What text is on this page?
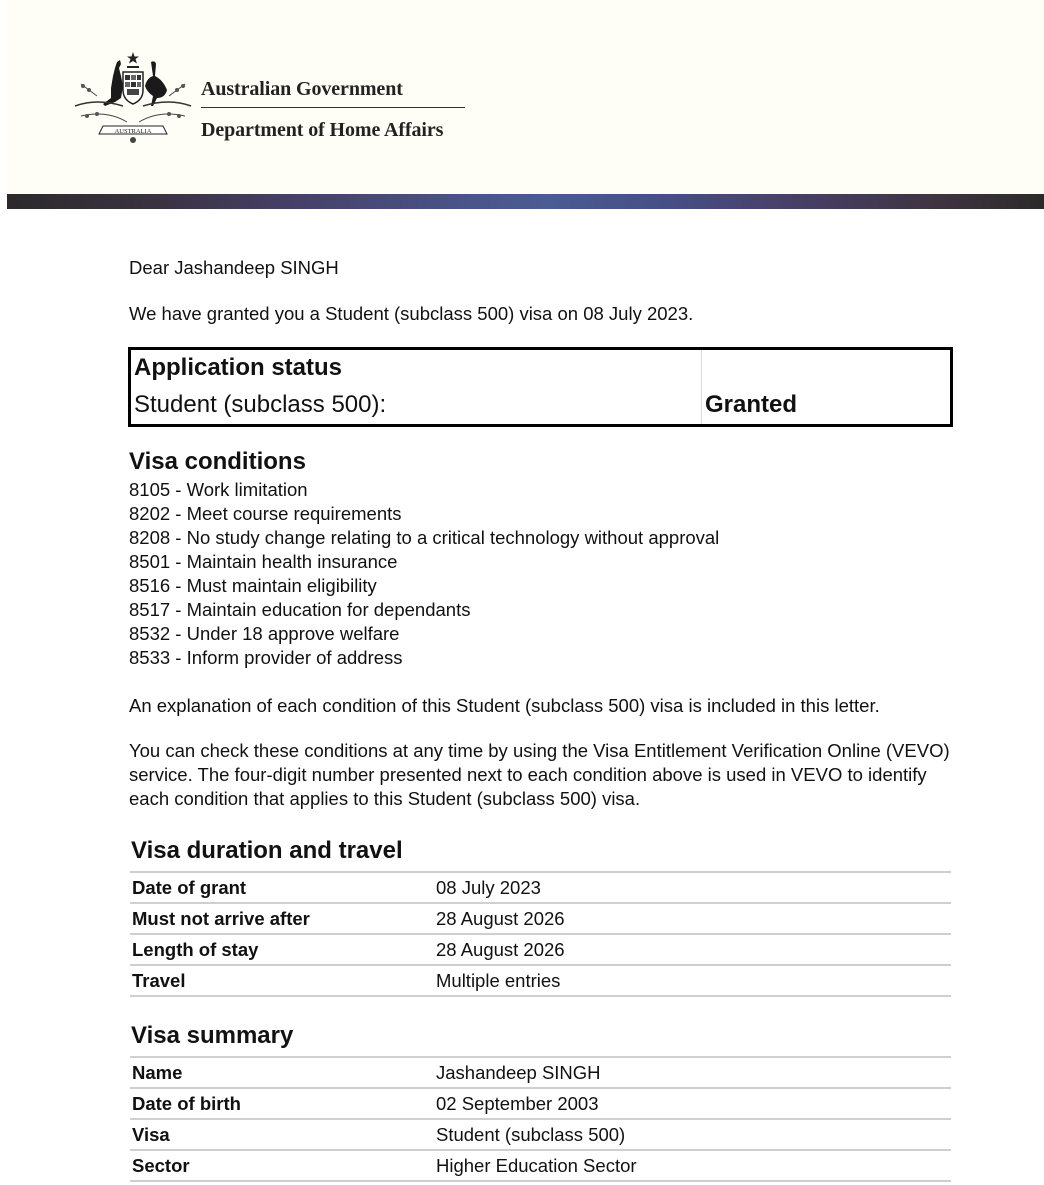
AUSTRALIA
Australian Government
Department of Home Affairs
Dear Jashandeep SINGH
We have granted you a Student (subclass 500) visa on 08 July 2023.
Application status
Student (subclass 500):	Granted
Visa conditions
8105 - Work limitation
8202 - Meet course requirements
8208 - No study change relating to a critical technology without approval
8501 - Maintain health insurance
8516 - Must maintain eligibility
8517 - Maintain education for dependants
8532 - Under 18 approve welfare
8533 - Inform provider of address
An explanation of each condition of this Student (subclass 500) visa is included in this letter.
You can check these conditions at any time by using the Visa Entitlement Verification Online (VEVO) service. The four-digit number presented next to each condition above is used in VEVO to identify each condition that applies to this Student (subclass 500) visa.
Visa duration and travel
Date of grant	08 July 2023
Must not arrive after	28 August 2026
Length of stay	28 August 2026
Travel	Multiple entries
Visa summary
Name	Jashandeep SINGH
Date of birth	02 September 2003
Visa	Student (subclass 500)
Sector	Higher Education Sector
